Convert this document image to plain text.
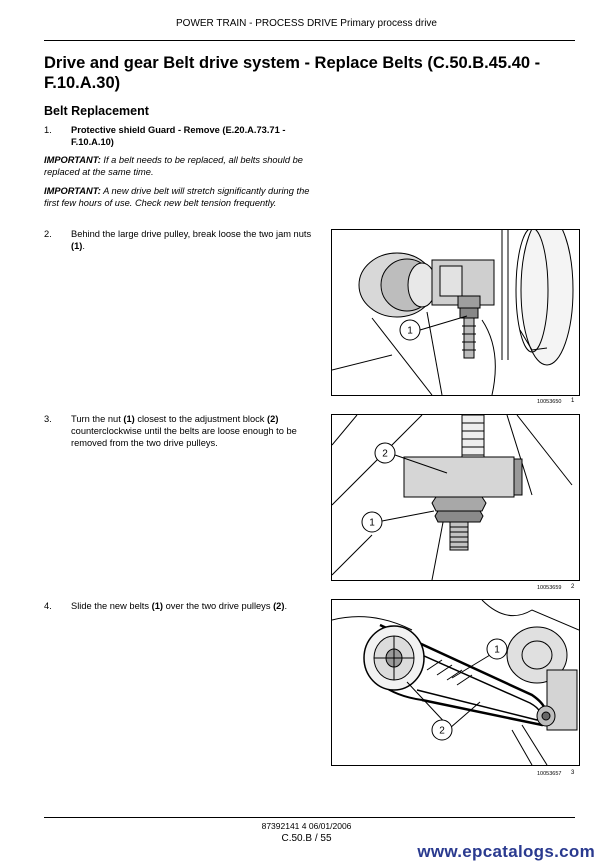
POWER TRAIN - PROCESS DRIVE Primary process drive
Drive and gear Belt drive system - Replace Belts (C.50.B.45.40 - F.10.A.30)
Belt Replacement
1. Protective shield Guard - Remove (E.20.A.73.71 - F.10.A.10)
IMPORTANT: If a belt needs to be replaced, all belts should be replaced at the same time.
IMPORTANT: A new drive belt will stretch significantly during the first few hours of use. Check new belt tension frequently.
2. Behind the large drive pulley, break loose the two jam nuts (1).
3. Turn the nut (1) closest to the adjustment block (2) counterclockwise until the belts are loose enough to be removed from the two drive pulleys.
4. Slide the new belts (1) over the two drive pulleys (2).
1
10053650 1
2
1
10053659 2
1
2
10053657 3
87392141 4 06/01/2006
C.50.B / 55
www.epcatalogs.com
